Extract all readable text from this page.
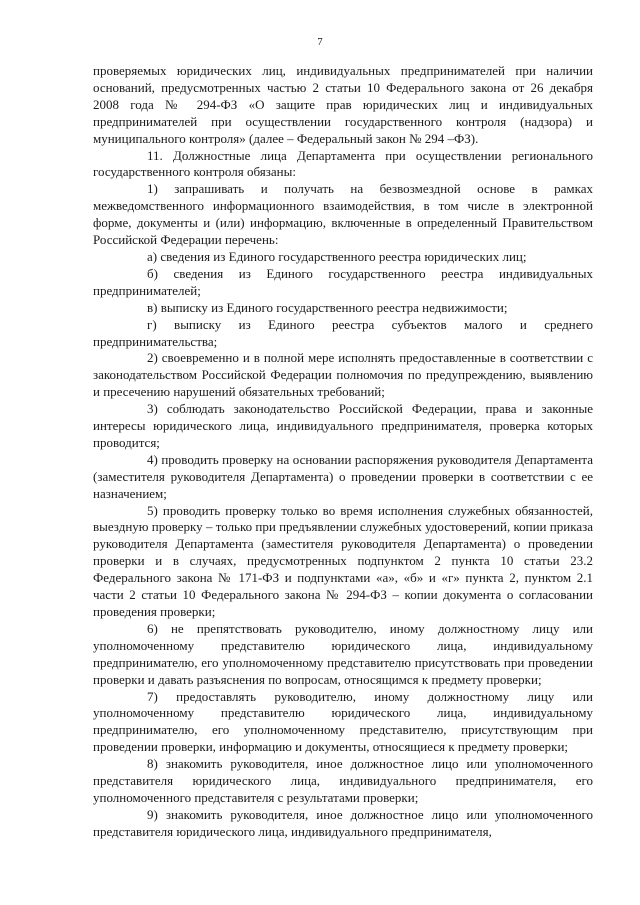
7

проверяемых юридических лиц, индивидуальных предпринимателей при наличии оснований, предусмотренных частью 2 статьи 10 Федерального закона от 26 декабря 2008 года № 294-ФЗ «О защите прав юридических лиц и индивидуальных предпринимателей при осуществлении государственного контроля (надзора) и муниципального контроля» (далее – Федеральный закон № 294 –ФЗ).

11. Должностные лица Департамента при осуществлении регионального государственного контроля обязаны:

1) запрашивать и получать на безвозмездной основе в рамках межведомственного информационного взаимодействия, в том числе в электронной форме, документы и (или) информацию, включенные в определенный Правительством Российской Федерации перечень:

а) сведения из Единого государственного реестра юридических лиц;

б) сведения из Единого государственного реестра индивидуальных предпринимателей;

в) выписку из Единого государственного реестра недвижимости;

г) выписку из Единого реестра субъектов малого и среднего предпринимательства;

2) своевременно и в полной мере исполнять предоставленные в соответствии с законодательством Российской Федерации полномочия по предупреждению, выявлению и пресечению нарушений обязательных требований;

3) соблюдать законодательство Российской Федерации, права и законные интересы юридического лица, индивидуального предпринимателя, проверка которых проводится;

4) проводить проверку на основании распоряжения руководителя Департамента (заместителя руководителя Департамента) о проведении проверки в соответствии с ее назначением;

5) проводить проверку только во время исполнения служебных обязанностей, выездную проверку – только при предъявлении служебных удостоверений, копии приказа руководителя Департамента (заместителя руководителя Департамента) о проведении проверки и в случаях, предусмотренных подпунктом 2 пункта 10 статьи 23.2 Федерального закона № 171-ФЗ и подпунктами «а», «б» и «г» пункта 2, пунктом 2.1 части 2 статьи 10 Федерального закона № 294-ФЗ – копии документа о согласовании проведения проверки;

6) не препятствовать руководителю, иному должностному лицу или уполномоченному представителю юридического лица, индивидуальному предпринимателю, его уполномоченному представителю присутствовать при проведении проверки и давать разъяснения по вопросам, относящимся к предмету проверки;

7) предоставлять руководителю, иному должностному лицу или уполномоченному представителю юридического лица, индивидуальному предпринимателю, его уполномоченному представителю, присутствующим при проведении проверки, информацию и документы, относящиеся к предмету проверки;

8) знакомить руководителя, иное должностное лицо или уполномоченного представителя юридического лица, индивидуального предпринимателя, его уполномоченного представителя с результатами проверки;

9) знакомить руководителя, иное должностное лицо или уполномоченного представителя юридического лица, индивидуального предпринимателя,
